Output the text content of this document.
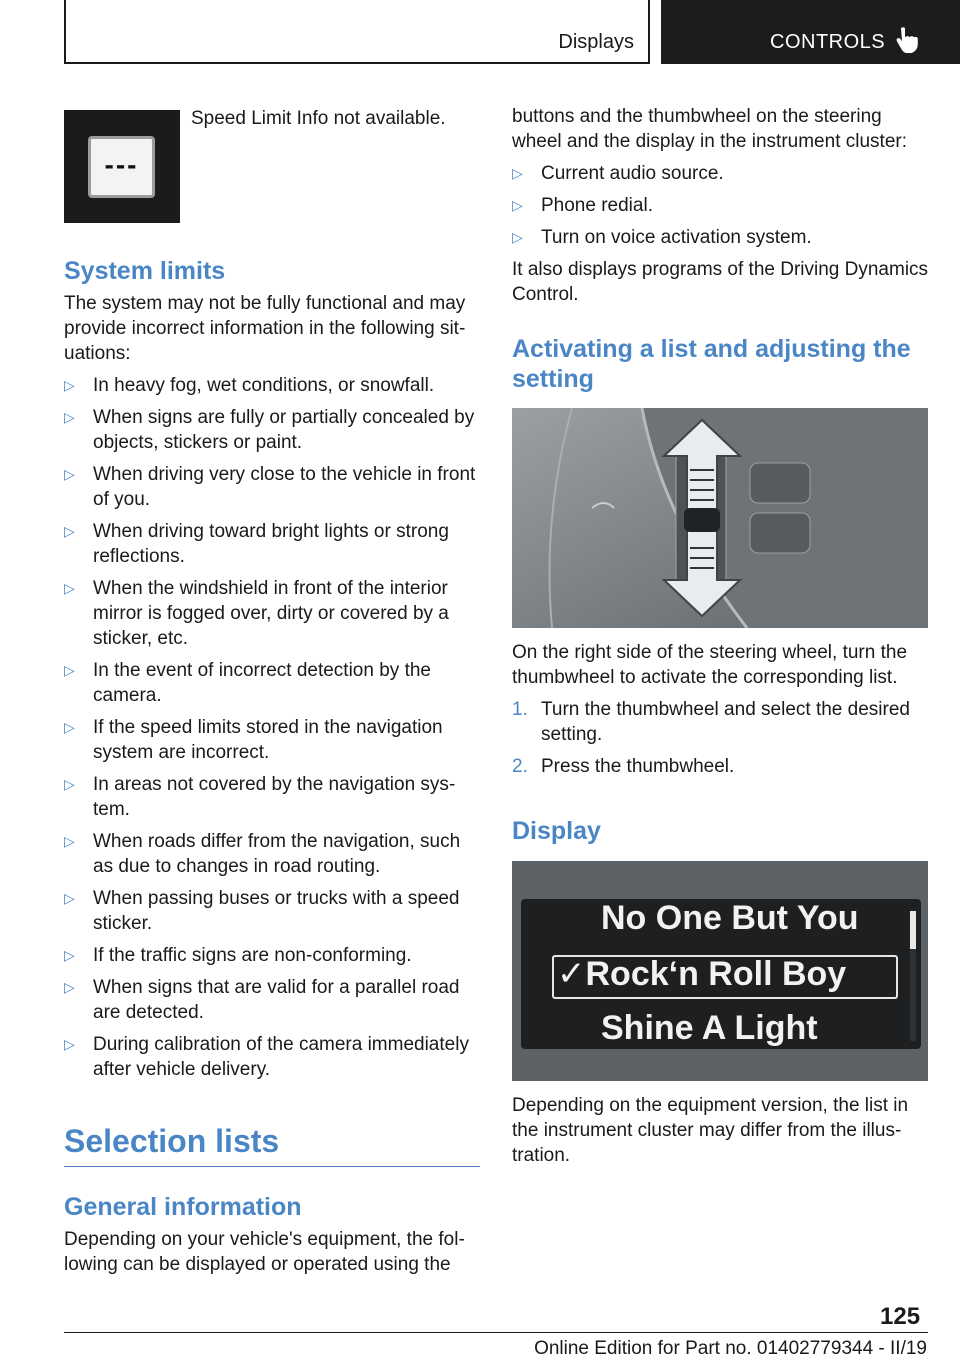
Displays	CONTROLS
---

Speed Limit Info not available.

System limits

The system may not be fully functional and may provide incorrect information in the following situations:

▷ In heavy fog, wet conditions, or snowfall.
▷ When signs are fully or partially concealed by objects, stickers or paint.
▷ When driving very close to the vehicle in front of you.
▷ When driving toward bright lights or strong reflections.
▷ When the windshield in front of the interior mirror is fogged over, dirty or covered by a sticker, etc.
▷ In the event of incorrect detection by the camera.
▷ If the speed limits stored in the navigation system are incorrect.
▷ In areas not covered by the navigation system.
▷ When roads differ from the navigation, such as due to changes in road routing.
▷ When passing buses or trucks with a speed sticker.
▷ If the traffic signs are non-conforming.
▷ When signs that are valid for a parallel road are detected.
▷ During calibration of the camera immediately after vehicle delivery.
Selection lists
General information

Depending on your vehicle's equipment, the following can be displayed or operated using the

buttons and the thumbwheel on the steering wheel and the display in the instrument cluster:

▷ Current audio source.
▷ Phone redial.
▷ Turn on voice activation system.

It also displays programs of the Driving Dynamics Control.

Activating a list and adjusting the setting

On the right side of the steering wheel, turn the thumbwheel to activate the corresponding list.

1. Turn the thumbwheel and select the desired setting.
2. Press the thumbwheel.
Display
No One But You
✓Rock‘n Roll Boy
Shine A Light

Depending on the equipment version, the list in the instrument cluster may differ from the illustration.

125
Online Edition for Part no. 01402779344 - II/19
